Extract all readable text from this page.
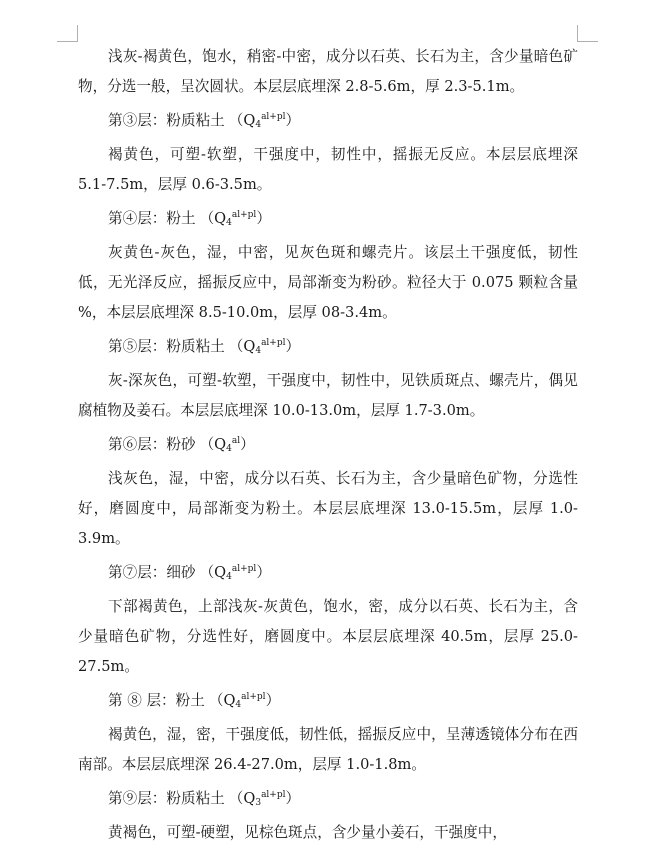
浅灰-褐黄色，饱水，稍密-中密，成分以石英、长石为主，含少量暗色矿物，分选一般，呈次圆状。本层层底埋深 2.8-5.6m，厚 2.3-5.1m。

第③层：粉质粘土 $(Q_4^{al+pl})$

褐黄色，可塑-软塑，干强度中，韧性中，摇振无反应。本层层底埋深 5.1-7.5m，层厚 0.6-3.5m。

第④层：粉土 $(Q_4^{al+pl})$

灰黄色-灰色，湿，中密，见灰色斑和螺壳片。该层土干强度低，韧性低，无光泽反应，摇振反应中，局部渐变为粉砂。粒径大于 0.075 颗粒含量 %，本层层底埋深 8.5-10.0m，层厚 08-3.4m。

第⑤层：粉质粘土 $(Q_4^{al+pl})$

灰-深灰色，可塑-软塑，干强度中，韧性中，见铁质斑点、螺壳片，偶见腐植物及姜石。本层层底埋深 10.0-13.0m，层厚 1.7-3.0m。

第⑥层：粉砂 $(Q_4^{al})$

浅灰色，湿，中密，成分以石英、长石为主，含少量暗色矿物，分选性好，磨圆度中，局部渐变为粉土。本层层底埋深 13.0-15.5m，层厚 1.0-3.9m。

第⑦层：细砂 $(Q_4^{al+pl})$

下部褐黄色，上部浅灰-灰黄色，饱水，密，成分以石英、长石为主，含少量暗色矿物，分选性好，磨圆度中。本层层底埋深 40.5m，层厚 25.0-27.5m。

第 ⑧ 层：粉土 $(Q_4^{al+pl})$

褐黄色，湿，密，干强度低，韧性低，摇振反应中，呈薄透镜体分布在西南部。本层层底埋深 26.4-27.0m，层厚 1.0-1.8m。

第⑨层：粉质粘土 $(Q_3^{al+pl})$

黄褐色，可塑-硬塑，见棕色斑点，含少量小姜石，干强度中，
